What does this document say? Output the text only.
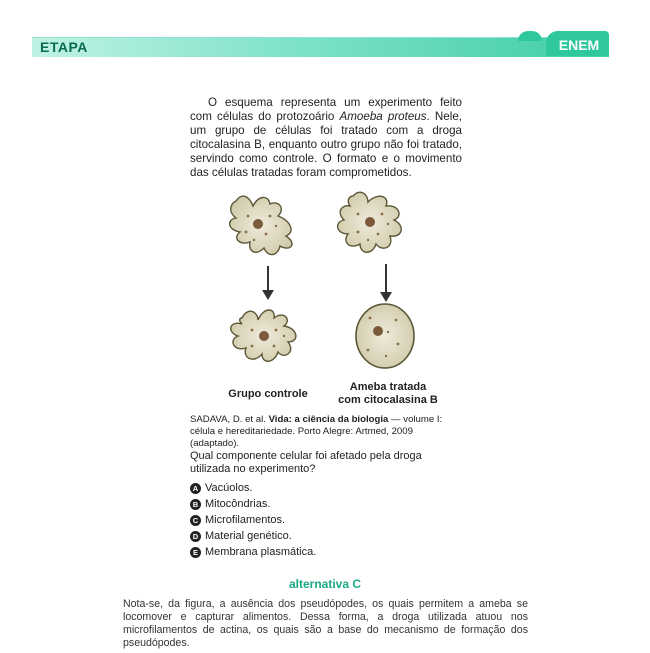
ETAPA	ENEM
O esquema representa um experimento feito com células do protozoário Amoeba proteus. Nele, um grupo de células foi tratado com a droga citocalasina B, enquanto outro grupo não foi tratado, servindo como controle. O formato e o movimento das células tratadas foram comprometidos.
Grupo controle
Ameba tratada
com citocalasina B
SADAVA, D. et al. Vida: a ciência da biologia — volume I: célula e hereditariedade. Porto Alegre: Artmed, 2009 (adaptado).
Qual componente celular foi afetado pela droga utilizada no experimento?
A Vacúolos.
B Mitocôndrias.
C Microfilamentos.
D Material genético.
E Membrana plasmática.
alternativa C
Nota-se, da figura, a ausência dos pseudópodes, os quais permitem a ameba se locomover e capturar alimentos. Dessa forma, a droga utilizada atuou nos microfilamentos de actina, os quais são a base do mecanismo de formação dos pseudópodes.
